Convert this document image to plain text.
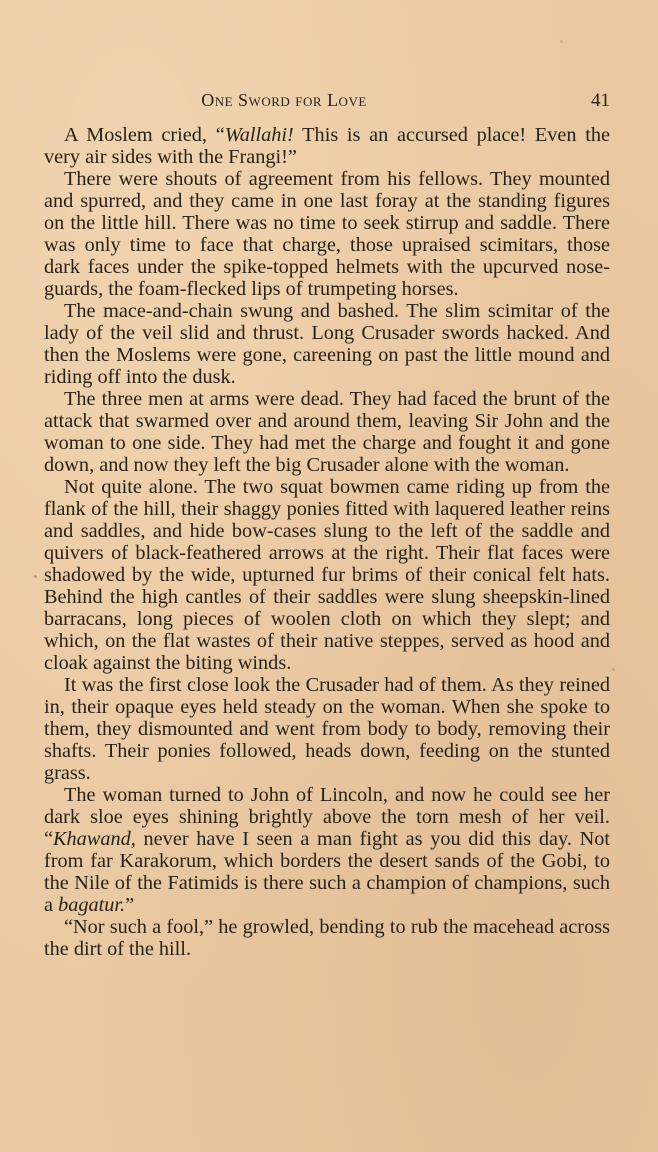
One Sword for Love	41

A Moslem cried, “Wallahi! This is an accursed place! Even the very air sides with the Frangi!”

There were shouts of agreement from his fellows. They mounted and spurred, and they came in one last foray at the standing figures on the little hill. There was no time to seek stirrup and saddle. There was only time to face that charge, those upraised scimitars, those dark faces under the spike-topped helmets with the upcurved nose-guards, the foam-flecked lips of trumpeting horses.

The mace-and-chain swung and bashed. The slim scimitar of the lady of the veil slid and thrust. Long Crusader swords hacked. And then the Moslems were gone, careening on past the little mound and riding off into the dusk.

The three men at arms were dead. They had faced the brunt of the attack that swarmed over and around them, leaving Sir John and the woman to one side. They had met the charge and fought it and gone down, and now they left the big Crusader alone with the woman.

Not quite alone. The two squat bowmen came riding up from the flank of the hill, their shaggy ponies fitted with laquered leather reins and saddles, and hide bow-cases slung to the left of the saddle and quivers of black-feathered arrows at the right. Their flat faces were shadowed by the wide, upturned fur brims of their conical felt hats. Behind the high cantles of their saddles were slung sheepskin-lined barracans, long pieces of woolen cloth on which they slept; and which, on the flat wastes of their native steppes, served as hood and cloak against the biting winds.

It was the first close look the Crusader had of them. As they reined in, their opaque eyes held steady on the woman. When she spoke to them, they dismounted and went from body to body, removing their shafts. Their ponies followed, heads down, feeding on the stunted grass.

The woman turned to John of Lincoln, and now he could see her dark sloe eyes shining brightly above the torn mesh of her veil. “Khawand, never have I seen a man fight as you did this day. Not from far Karakorum, which borders the desert sands of the Gobi, to the Nile of the Fatimids is there such a champion of champions, such a bagatur.”

“Nor such a fool,” he growled, bending to rub the macehead across the dirt of the hill.
